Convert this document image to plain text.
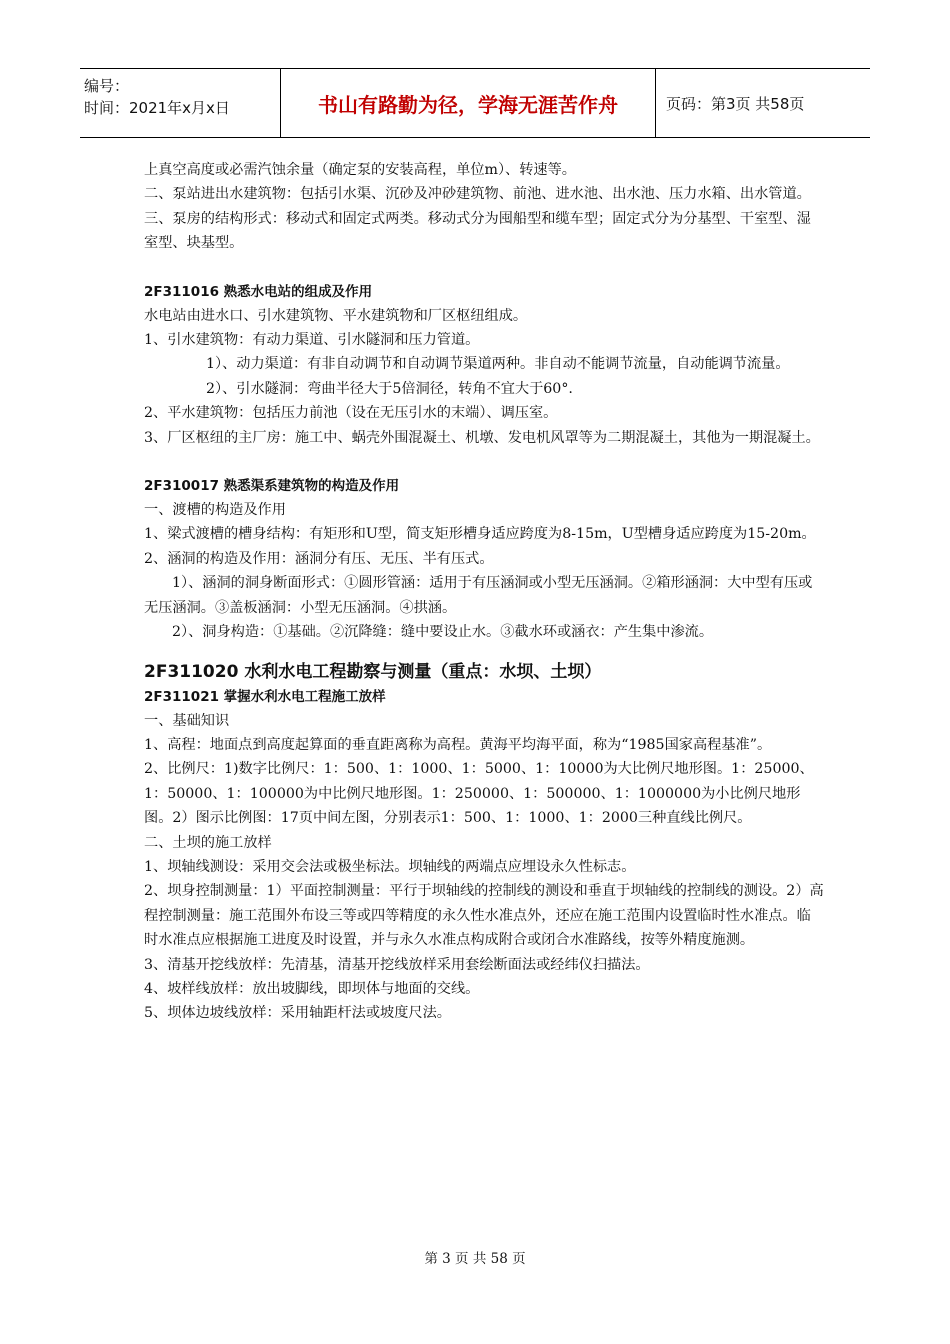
编号：
时间：2021年x月x日	书山有路勤为径，学海无涯苦作舟	页码：第3页 共58页
上真空高度或必需汽蚀余量（确定泵的安装高程，单位m）、转速等。
二、泵站进出水建筑物：包括引水渠、沉砂及冲砂建筑物、前池、进水池、出水池、压力水箱、出水管道。
三、泵房的结构形式：移动式和固定式两类。移动式分为囤船型和缆车型；固定式分为分基型、干室型、湿室型、块基型。
2F311016 熟悉水电站的组成及作用
水电站由进水口、引水建筑物、平水建筑物和厂区枢纽组成。
1、引水建筑物：有动力渠道、引水隧洞和压力管道。
1）、动力渠道：有非自动调节和自动调节渠道两种。非自动不能调节流量，自动能调节流量。
2）、引水隧洞：弯曲半径大于5倍洞径，转角不宜大于60°.
2、平水建筑物：包括压力前池（设在无压引水的末端）、调压室。
3、厂区枢纽的主厂房：施工中、蜗壳外围混凝土、机墩、发电机风罩等为二期混凝土，其他为一期混凝土。
2F310017 熟悉渠系建筑物的构造及作用
一、渡槽的构造及作用
1、梁式渡槽的槽身结构：有矩形和U型，简支矩形槽身适应跨度为8-15m，U型槽身适应跨度为15-20m。
2、涵洞的构造及作用：涵洞分有压、无压、半有压式。
1）、涵洞的洞身断面形式：①圆形管涵：适用于有压涵洞或小型无压涵洞。②箱形涵洞：大中型有压或无压涵洞。③盖板涵洞：小型无压涵洞。④拱涵。
2）、洞身构造：①基础。②沉降缝：缝中要设止水。③截水环或涵衣：产生集中渗流。
2F311020 水利水电工程勘察与测量（重点：水坝、土坝）
2F311021 掌握水利水电工程施工放样
一、基础知识
1、高程：地面点到高度起算面的垂直距离称为高程。黄海平均海平面，称为“1985国家高程基准”。
2、比例尺：1)数字比例尺：1：500、1：1000、1：5000、1：10000为大比例尺地形图。1：25000、1：50000、1：100000为中比例尺地形图。1：250000、1：500000、1：1000000为小比例尺地形图。2）图示比例图：17页中间左图，分别表示1：500、1：1000、1：2000三种直线比例尺。
二、土坝的施工放样
1、坝轴线测设：采用交会法或极坐标法。坝轴线的两端点应埋设永久性标志。
2、坝身控制测量：1）平面控制测量：平行于坝轴线的控制线的测设和垂直于坝轴线的控制线的测设。2）高程控制测量：施工范围外布设三等或四等精度的永久性水准点外，还应在施工范围内设置临时性水准点。临时水准点应根据施工进度及时设置，并与永久水准点构成附合或闭合水准路线，按等外精度施测。
3、清基开挖线放样：先清基，清基开挖线放样采用套绘断面法或经纬仪扫描法。
4、坡样线放样：放出坡脚线，即坝体与地面的交线。
5、坝体边坡线放样：采用轴距杆法或坡度尺法。
第 3 页 共 58 页
